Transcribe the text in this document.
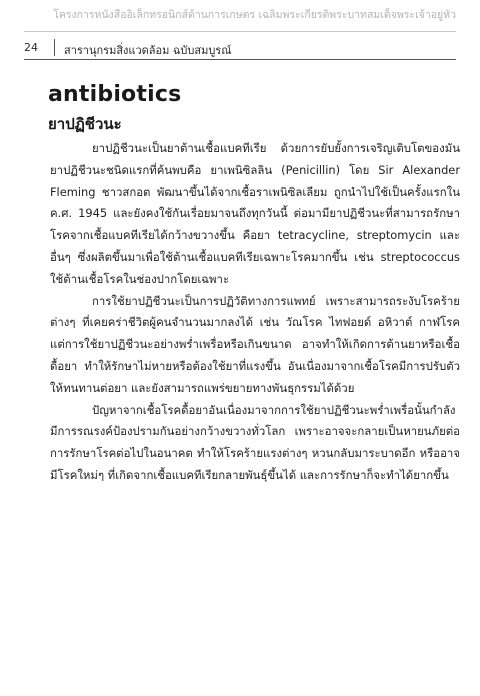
โครงการหนังสืออิเล็กทรอนิกส์ด้านการเกษตร เฉลิมพระเกียรติพระบาทสมเด็จพระเจ้าอยู่หัว
24 สารานุกรมสิ่งแวดล้อม ฉบับสมบูรณ์
antibiotics
ยาปฏิชีวนะ

ยาปฏิชีวนะเป็นยาต้านเชื้อแบคทีเรีย ด้วยการยับยั้งการเจริญเติบโตของมัน ยาปฏิชีวนะชนิดแรกที่ค้นพบคือ ยาเพนิซิลลิน (Penicillin) โดย Sir Alexander Fleming ชาวสกอต พัฒนาขึ้นได้จากเชื้อราเพนิซิลเลียม ถูกนำไปใช้เป็นครั้งแรกใน ค.ศ. 1945 และยังคงใช้กันเรื่อยมาจนถึงทุกวันนี้ ต่อมามียาปฏิชีวนะที่สามารถรักษาโรคจากเชื้อแบคทีเรียได้กว้างขวางขึ้น คือยา tetracycline, streptomycin และอื่นๆ ซึ่งผลิตขึ้นมาเพื่อใช้ต้านเชื้อแบคทีเรียเฉพาะโรคมากขึ้น เช่น streptococcus ใช้ต้านเชื้อโรคในช่องปากโดยเฉพาะ

การใช้ยาปฏิชีวนะเป็นการปฏิวัติทางการแพทย์ เพราะสามารถระงับโรคร้ายต่างๆ ที่เคยคร่าชีวิตผู้คนจำนวนมากลงได้ เช่น วัณโรค ไทฟอยด์ อหิวาต์ กาฬโรค แต่การใช้ยาปฏิชีวนะอย่างพร่ำเพรื่อหรือเกินขนาด อาจทำให้เกิดการต้านยาหรือเชื้อดื้อยา ทำให้รักษาไม่หายหรือต้องใช้ยาที่แรงขึ้น อันเนื่องมาจากเชื้อโรคมีการปรับตัวให้ทนทานต่อยา และยังสามารถแพร่ขยายทางพันธุกรรมได้ด้วย

ปัญหาจากเชื้อโรคดื้อยาอันเนื่องมาจากการใช้ยาปฏิชีวนะพร่ำเพรื่อนั้นกำลังมีการรณรงค์ป้องปรามกันอย่างกว้างขวางทั่วโลก เพราะอาจจะกลายเป็นหายนภัยต่อการรักษาโรคต่อไปในอนาคต ทำให้โรคร้ายแรงต่างๆ หวนกลับมาระบาดอีก หรืออาจมีโรคใหม่ๆ ที่เกิดจากเชื้อแบคทีเรียกลายพันธุ์ขึ้นได้ และการรักษาก็จะทำได้ยากขึ้น
